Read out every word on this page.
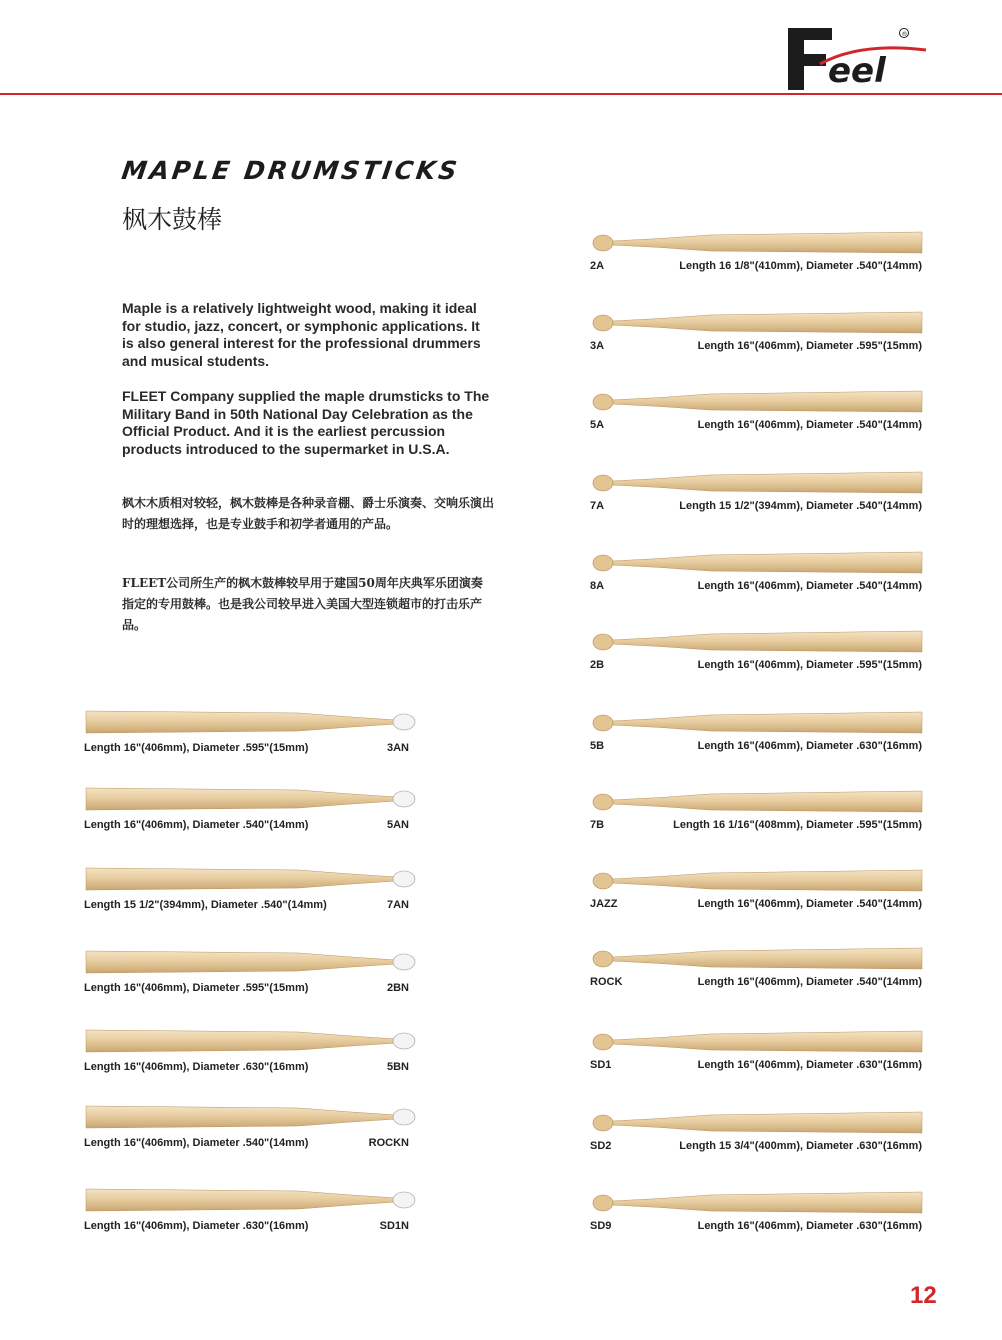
eel
®
MAPLE DRUMSTICKS
枫木鼓棒

Maple is a relatively lightweight wood, making it ideal for studio, jazz, concert, or symphonic applications. It is also general interest for the professional drummers and musical students.

FLEET Company supplied the maple drumsticks to The Military Band in 50th National Day Celebration as the Official Product. And it is the earliest percussion products introduced to the supermarket in U.S.A.

枫木木质相对较轻，枫木鼓棒是各种录音棚、爵士乐演奏、交响乐演出时的理想选择，也是专业鼓手和初学者通用的产品。

FLEET公司所生产的枫木鼓棒较早用于建国50周年庆典军乐团演奏指定的专用鼓棒。也是我公司较早进入美国大型连锁超市的打击乐产品。

2A	Length 16 1/8"(410mm), Diameter .540"(14mm)
3A	Length 16"(406mm), Diameter .595"(15mm)
5A	Length 16"(406mm), Diameter .540"(14mm)
7A	Length 15 1/2"(394mm), Diameter .540"(14mm)
8A	Length 16"(406mm), Diameter .540"(14mm)
2B	Length 16"(406mm), Diameter .595"(15mm)
5B	Length 16"(406mm), Diameter .630"(16mm)
7B	Length 16 1/16"(408mm), Diameter .595"(15mm)
JAZZ	Length 16"(406mm), Diameter .540"(14mm)
ROCK	Length 16"(406mm), Diameter .540"(14mm)
SD1	Length 16"(406mm), Diameter .630"(16mm)
SD2	Length 15 3/4"(400mm), Diameter .630"(16mm)
SD9	Length 16"(406mm), Diameter .630"(16mm)
Length 16"(406mm), Diameter .595"(15mm)	3AN
Length 16"(406mm), Diameter .540"(14mm)	5AN
Length 15 1/2"(394mm), Diameter .540"(14mm)	7AN
Length 16"(406mm), Diameter .595"(15mm)	2BN
Length 16"(406mm), Diameter .630"(16mm)	5BN
Length 16"(406mm), Diameter .540"(14mm)	ROCKN
Length 16"(406mm), Diameter .630"(16mm)	SD1N
12
